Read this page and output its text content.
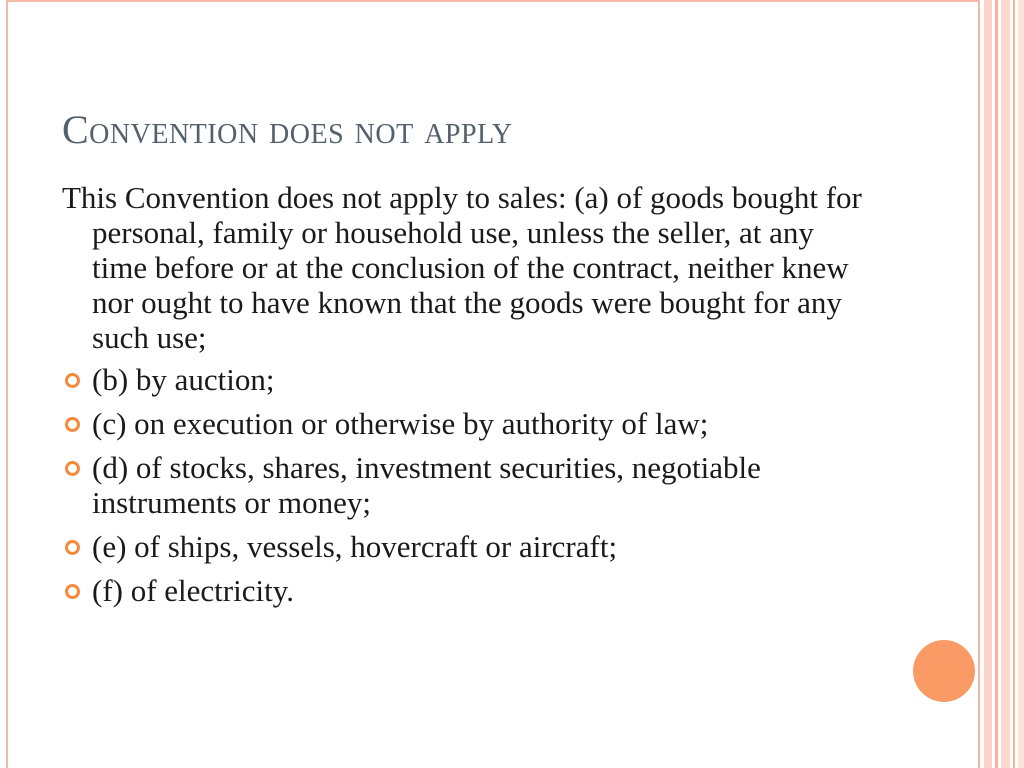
Convention does not apply

This Convention does not apply to sales: (a) of goods bought for personal, family or household use, unless the seller, at any time before or at the conclusion of the contract, neither knew nor ought to have known that the goods were bought for any such use;

(b) by auction;
(c) on execution or otherwise by authority of law;
(d) of stocks, shares, investment securities, negotiable instruments or money;
(e) of ships, vessels, hovercraft or aircraft;
(f) of electricity.
